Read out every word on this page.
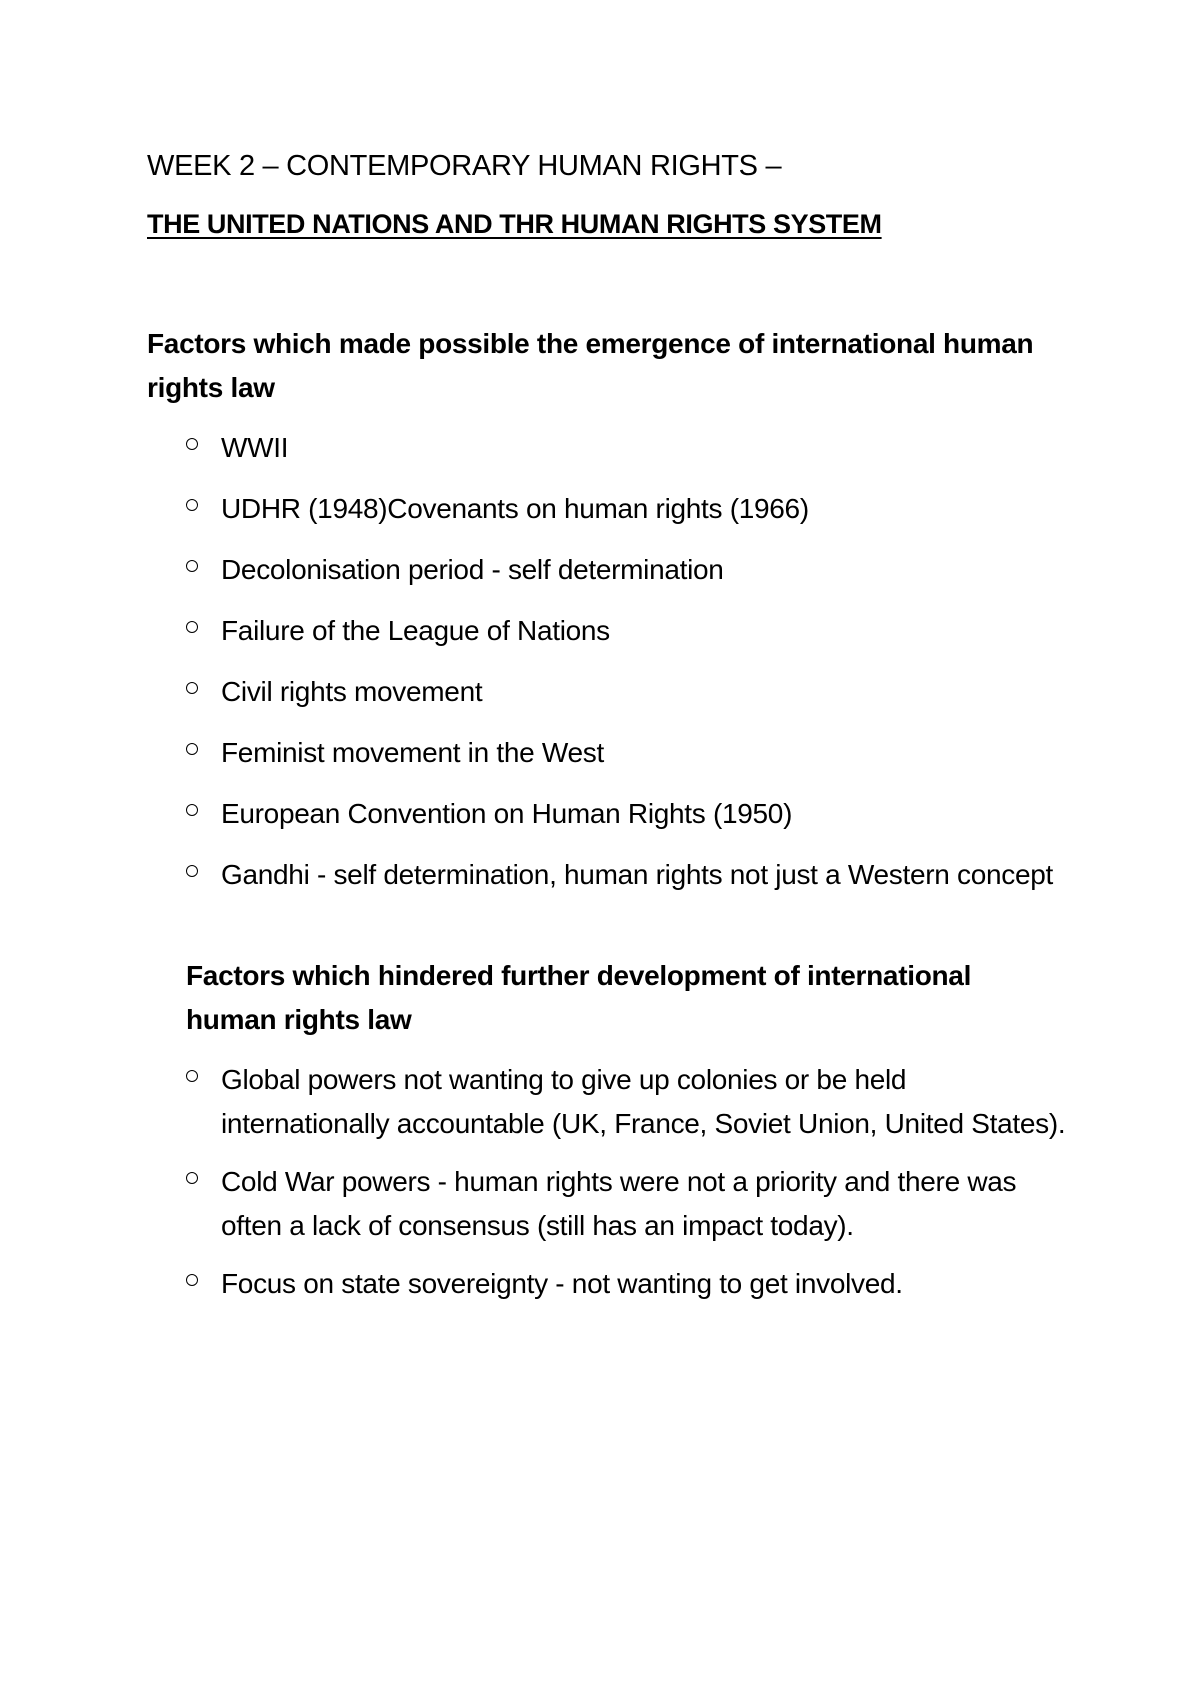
WEEK 2 – CONTEMPORARY HUMAN RIGHTS –
THE UNITED NATIONS AND THR HUMAN RIGHTS SYSTEM
Factors which made possible the emergence of international human rights law
WWII
UDHR (1948)Covenants on human rights (1966)
Decolonisation period - self determination
Failure of the League of Nations
Civil rights movement
Feminist movement in the West
European Convention on Human Rights (1950)
Gandhi - self determination, human rights not just a Western concept
Factors which hindered further development of international human rights law
Global powers not wanting to give up colonies or be held internationally accountable (UK, France, Soviet Union, United States).
Cold War powers - human rights were not a priority and there was often a lack of consensus (still has an impact today).
Focus on state sovereignty - not wanting to get involved.
